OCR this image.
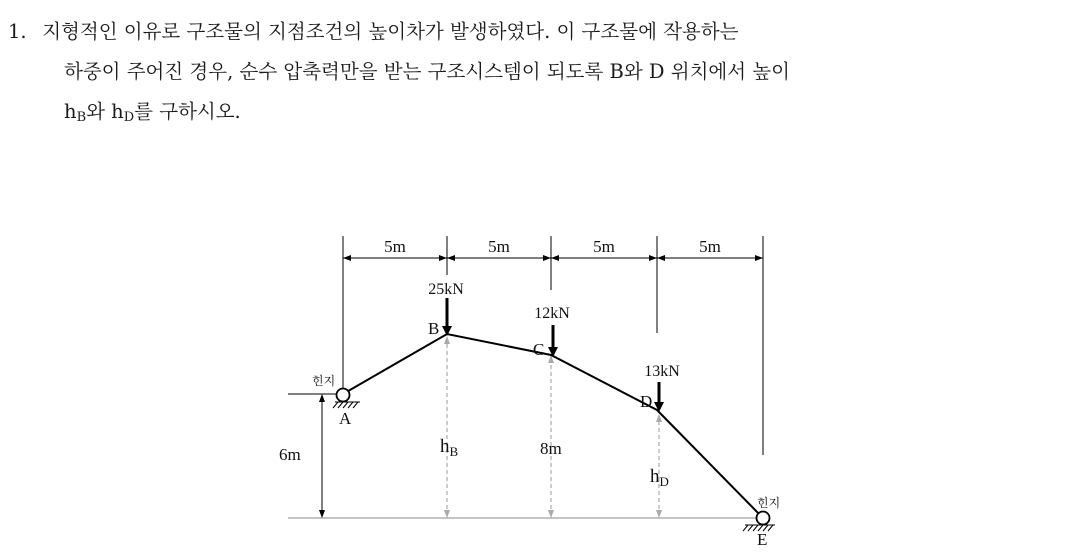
1. 지형적인 이유로 구조물의 지점조건의 높이차가 발생하였다. 이 구조물에 작용하는
하중이 주어진 경우, 순수 압축력만을 받는 구조시스템이 되도록 B와 D 위치에서 높이
$h_B$와 $h_D$를 구하시오.
5m	5m	5m	5m
6m	$h_B$	8m
$h_D$
25kN
12kN
13kN
A
B
C
D
E
힌지
힌지
